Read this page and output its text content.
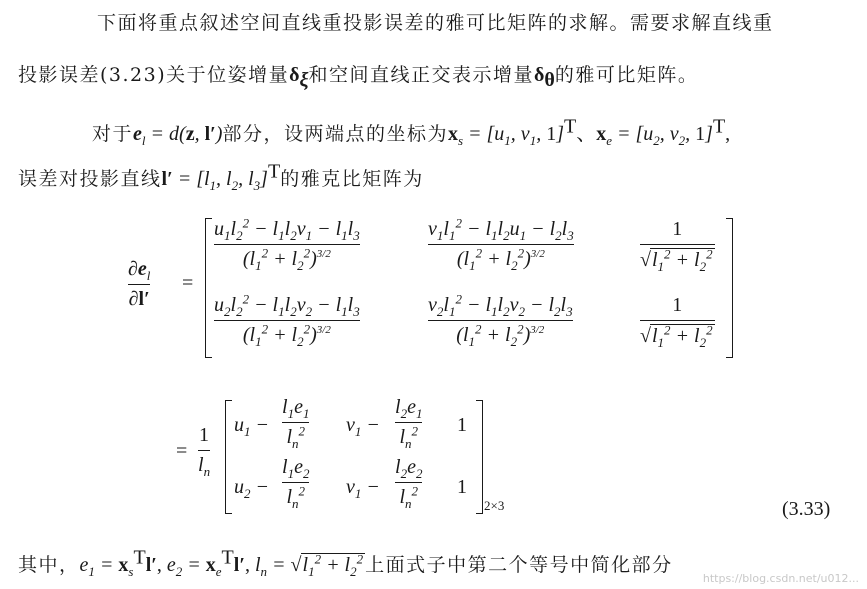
下面将重点叙述空间直线重投影误差的雅可比矩阵的求解。需要求解直线重
投影误差(3.23)关于位姿增量$\delta_\xi$和空间直线正交表示增量$\delta_\theta$的雅可比矩阵。
对于$e_l = d(z$, l′)部分，设两端点的坐标为$x_s = [u_1$, $v_1$, 1]$^T$、$x_e = [u_2$, $v_2$, 1]$^T$,
误差对投影直线$l' = [l_1$, $l_2$, $l_3]^T$的雅克比矩阵为
$\partial e_l$
∂l′
=
$u_1l_2^2 - l_1l_2v_1 - l_1l_3$
$(l_1^2 + l_2^2)^{3/2}$
$v_1l_1^2 - l_1l_2u_1 - l_2l_3$
$(l_1^2 + l_2^2)^{3/2}$
1
$√l_1^2 + l_2^2$
$u_2l_2^2 - l_1l_2v_2 - l_1l_3$
$(l_1^2 + l_2^2)^{3/2}$
$v_2l_1^2 - l_1l_2v_2 - l_2l_3$
$(l_1^2 + l_2^2)^{3/2}$
1
$√l_1^2 + l_2^2$
=
1
$l_n$
$u_1$ −
$l_1e_1$
$l_n^2$ $v_1$ −
$l_2e_1$
$l_n^2$ 1
$u_2$ −
$l_1e_2$
$l_n^2$ $v_1$ −
$l_2e_2$
$l_n^2$ 1
2×3	(3.33)
其中，$e_1 = x_s^Tl'$, $e_2 = x_e^Tl'$, $l_n = √l_1^2 + l_2^2$ 上面式子中第二个等号中简化部分
https://blog.csdn.net/u012...
